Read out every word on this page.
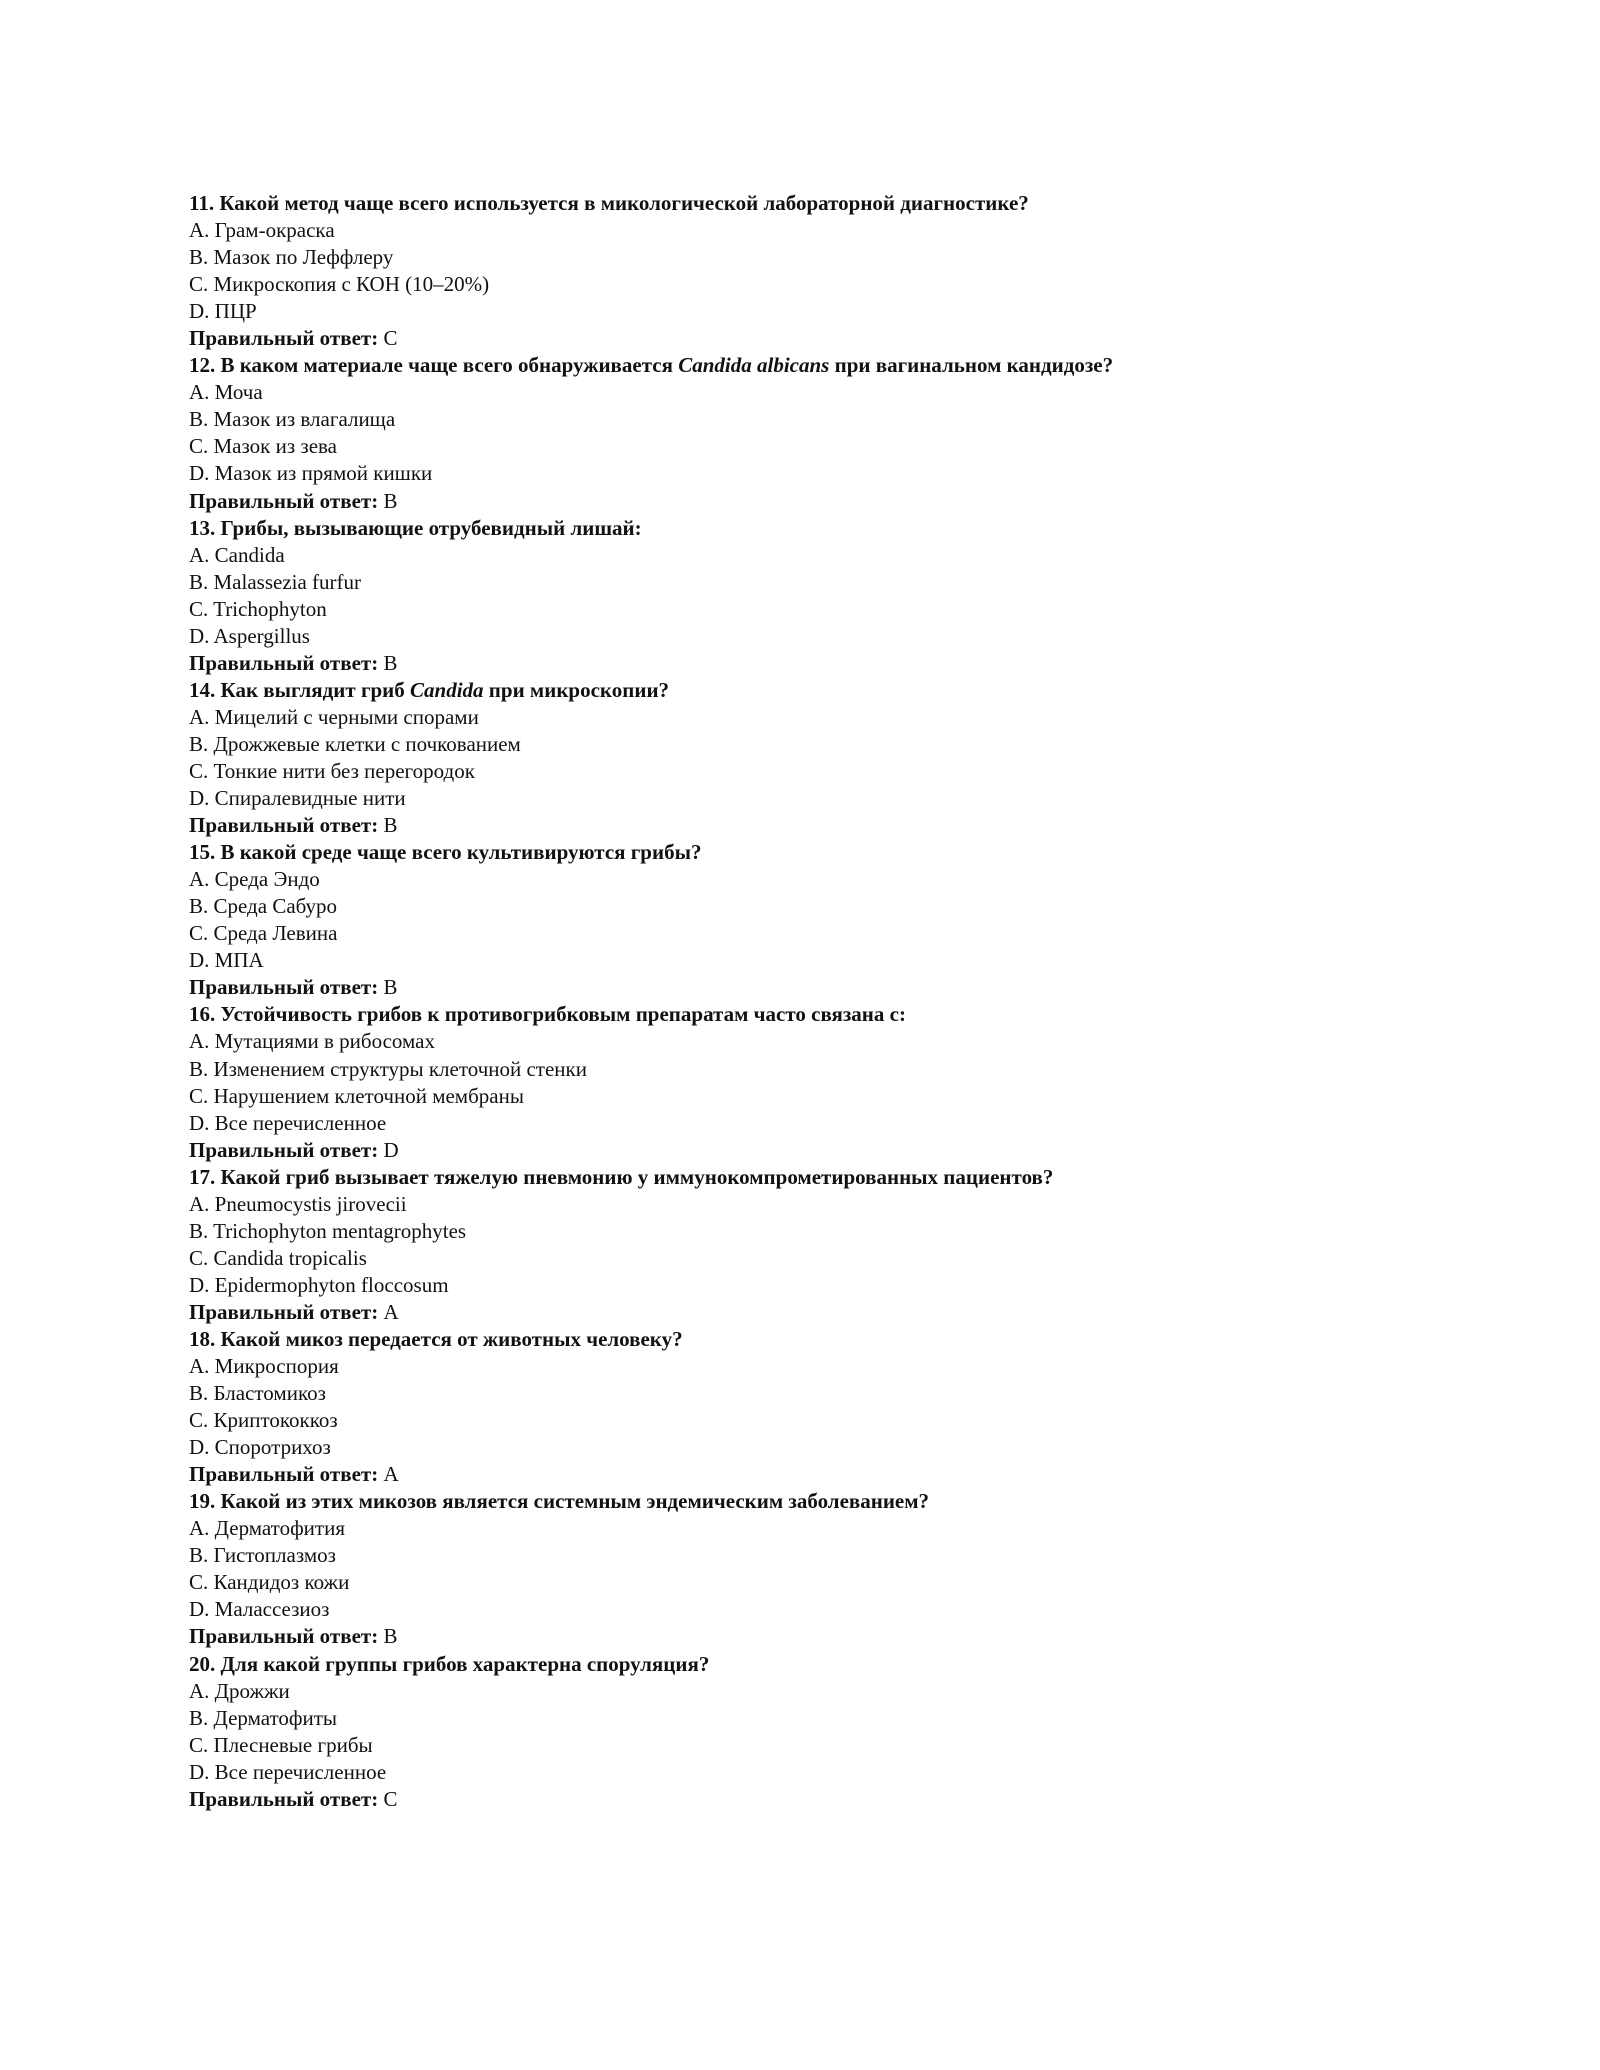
11. Какой метод чаще всего используется в микологической лабораторной диагностике?
A. Грам-окраска
B. Мазок по Леффлеру
C. Микроскопия с КОН (10–20%)
D. ПЦР
Правильный ответ: C
12. В каком материале чаще всего обнаруживается Candida albicans при вагинальном кандидозе?
A. Моча
B. Мазок из влагалища
C. Мазок из зева
D. Мазок из прямой кишки
Правильный ответ: B
13. Грибы, вызывающие отрубевидный лишай:
A. Candida
B. Malassezia furfur
C. Trichophyton
D. Aspergillus
Правильный ответ: B
14. Как выглядит гриб Candida при микроскопии?
A. Мицелий с черными спорами
B. Дрожжевые клетки с почкованием
C. Тонкие нити без перегородок
D. Спиралевидные нити
Правильный ответ: B
15. В какой среде чаще всего культивируются грибы?
A. Среда Эндо
B. Среда Сабуро
C. Среда Левина
D. МПА
Правильный ответ: B
16. Устойчивость грибов к противогрибковым препаратам часто связана с:
A. Мутациями в рибосомах
B. Изменением структуры клеточной стенки
C. Нарушением клеточной мембраны
D. Все перечисленное
Правильный ответ: D
17. Какой гриб вызывает тяжелую пневмонию у иммунокомпрометированных пациентов?
A. Pneumocystis jirovecii
B. Trichophyton mentagrophytes
C. Candida tropicalis
D. Epidermophyton floccosum
Правильный ответ: A
18. Какой микоз передается от животных человеку?
A. Микроспория
B. Бластомикоз
C. Криптококкоз
D. Споротрихоз
Правильный ответ: A
19. Какой из этих микозов является системным эндемическим заболеванием?
A. Дерматофития
B. Гистоплазмоз
C. Кандидоз кожи
D. Малассезиоз
Правильный ответ: B
20. Для какой группы грибов характерна споруляция?
A. Дрожжи
B. Дерматофиты
C. Плесневые грибы
D. Все перечисленное
Правильный ответ: C
